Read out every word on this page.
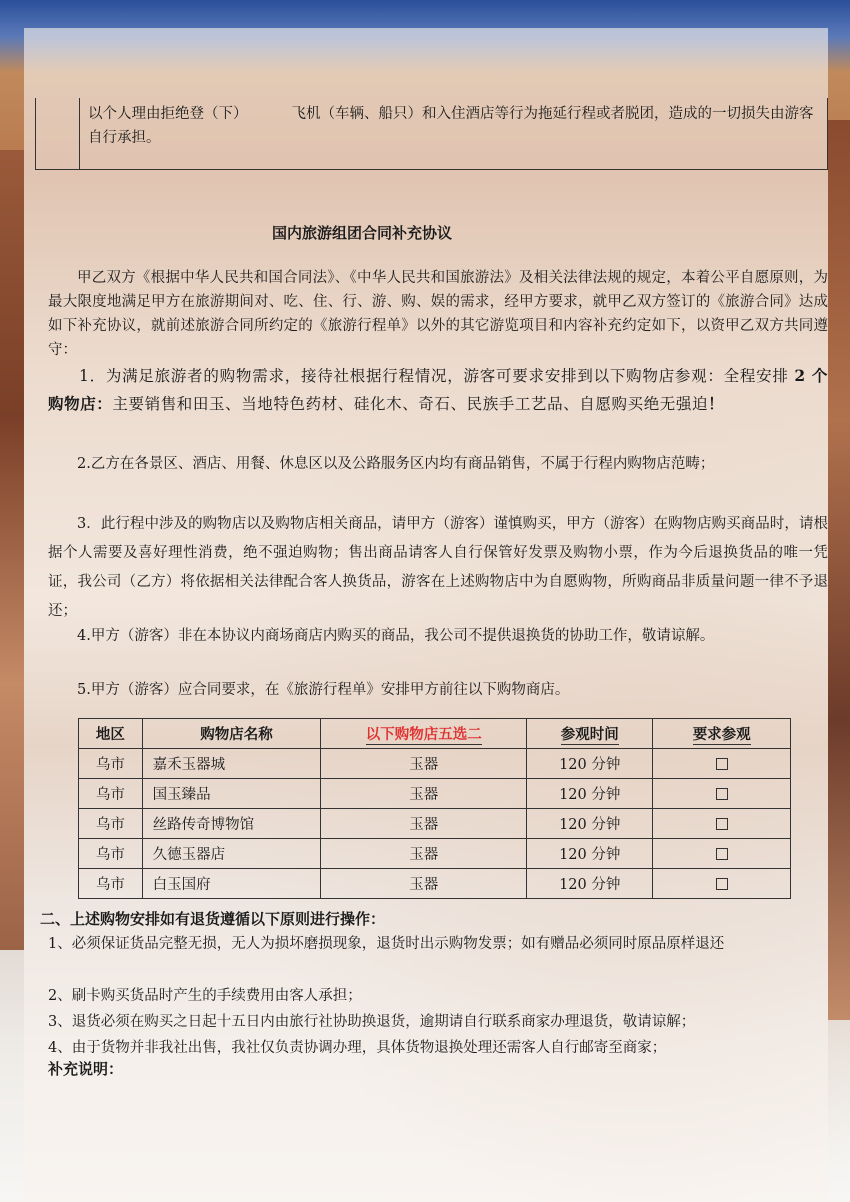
以个人理由拒绝登（下）	飞机（车辆、船只）和入住酒店等行为拖延行程或者脱团，造成的一切损失由游客自行承担。
国内旅游组团合同补充协议
甲乙双方《根据中华人民共和国合同法》、《中华人民共和国旅游法》及相关法律法规的规定，本着公平自愿原则，为最大限度地满足甲方在旅游期间对、吃、住、行、游、购、娱的需求，经甲方要求，就甲乙双方签订的《旅游合同》达成如下补充协议，就前述旅游合同所约定的《旅游行程单》以外的其它游览项目和内容补充约定如下，以资甲乙双方共同遵守：
1．为满足旅游者的购物需求，接待社根据行程情况，游客可要求安排到以下购物店参观：全程安排 2 个购物店：主要销售和田玉、当地特色药材、硅化木、奇石、民族手工艺品、自愿购买绝无强迫！
2.乙方在各景区、酒店、用餐、休息区以及公路服务区内均有商品销售，不属于行程内购物店范畴；
3．此行程中涉及的购物店以及购物店相关商品，请甲方（游客）谨慎购买，甲方（游客）在购物店购买商品时，请根据个人需要及喜好理性消费，绝不强迫购物；售出商品请客人自行保管好发票及购物小票，作为今后退换货品的唯一凭证，我公司（乙方）将依据相关法律配合客人换货品，游客在上述购物店中为自愿购物，所购商品非质量问题一律不予退还；
4.甲方（游客）非在本协议内商场商店内购买的商品，我公司不提供退换货的协助工作，敬请谅解。
5.甲方（游客）应合同要求，在《旅游行程单》安排甲方前往以下购物商店。
地区	购物店名称	以下购物店五选二	参观时间	要求参观
乌市	嘉禾玉器城	玉器	120 分钟	
乌市	国玉臻品	玉器	120 分钟	
乌市	丝路传奇博物馆	玉器	120 分钟	
乌市	久德玉器店	玉器	120 分钟	
乌市	白玉国府	玉器	120 分钟	
二、上述购物安排如有退货遵循以下原则进行操作：
1、必须保证货品完整无损，无人为损坏磨损现象，退货时出示购物发票；如有赠品必须同时原品原样退还
2、刷卡购买货品时产生的手续费用由客人承担；
3、退货必须在购买之日起十五日内由旅行社协助换退货，逾期请自行联系商家办理退货，敬请谅解；
4、由于货物并非我社出售，我社仅负责协调办理，具体货物退换处理还需客人自行邮寄至商家；
补充说明：
